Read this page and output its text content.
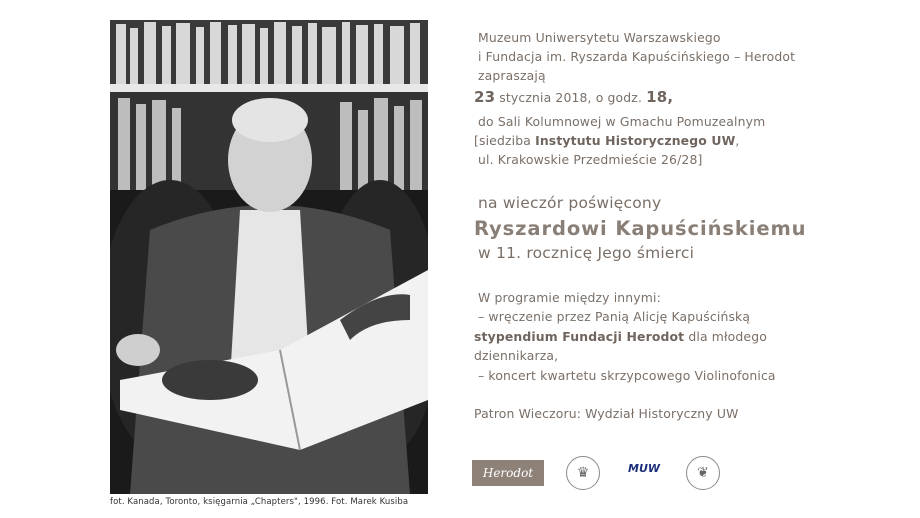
fot. Kanada, Toronto, księgarnia „Chapters", 1996. Fot. Marek Kusiba
Muzeum Uniwersytetu Warszawskiego
i Fundacja im. Ryszarda Kapuścińskiego – Herodot
zapraszają
23 stycznia 2018, o godz. 18,
do Sali Kolumnowej w Gmachu Pomuzealnym
[siedziba Instytutu Historycznego UW,
ul. Krakowskie Przedmieście 26/28]
na wieczór poświęcony
Ryszardowi Kapuścińskiemu
w 11. rocznicę Jego śmierci
W programie między innymi:
– wręczenie przez Panią Alicję Kapuścińską
stypendium Fundacji Herodot dla młodego
dziennikarza,
– koncert kwartetu skrzypcowego Violinofonica
Patron Wieczoru: Wydział Historyczny UW
Herodot	♛	MUW	❦
